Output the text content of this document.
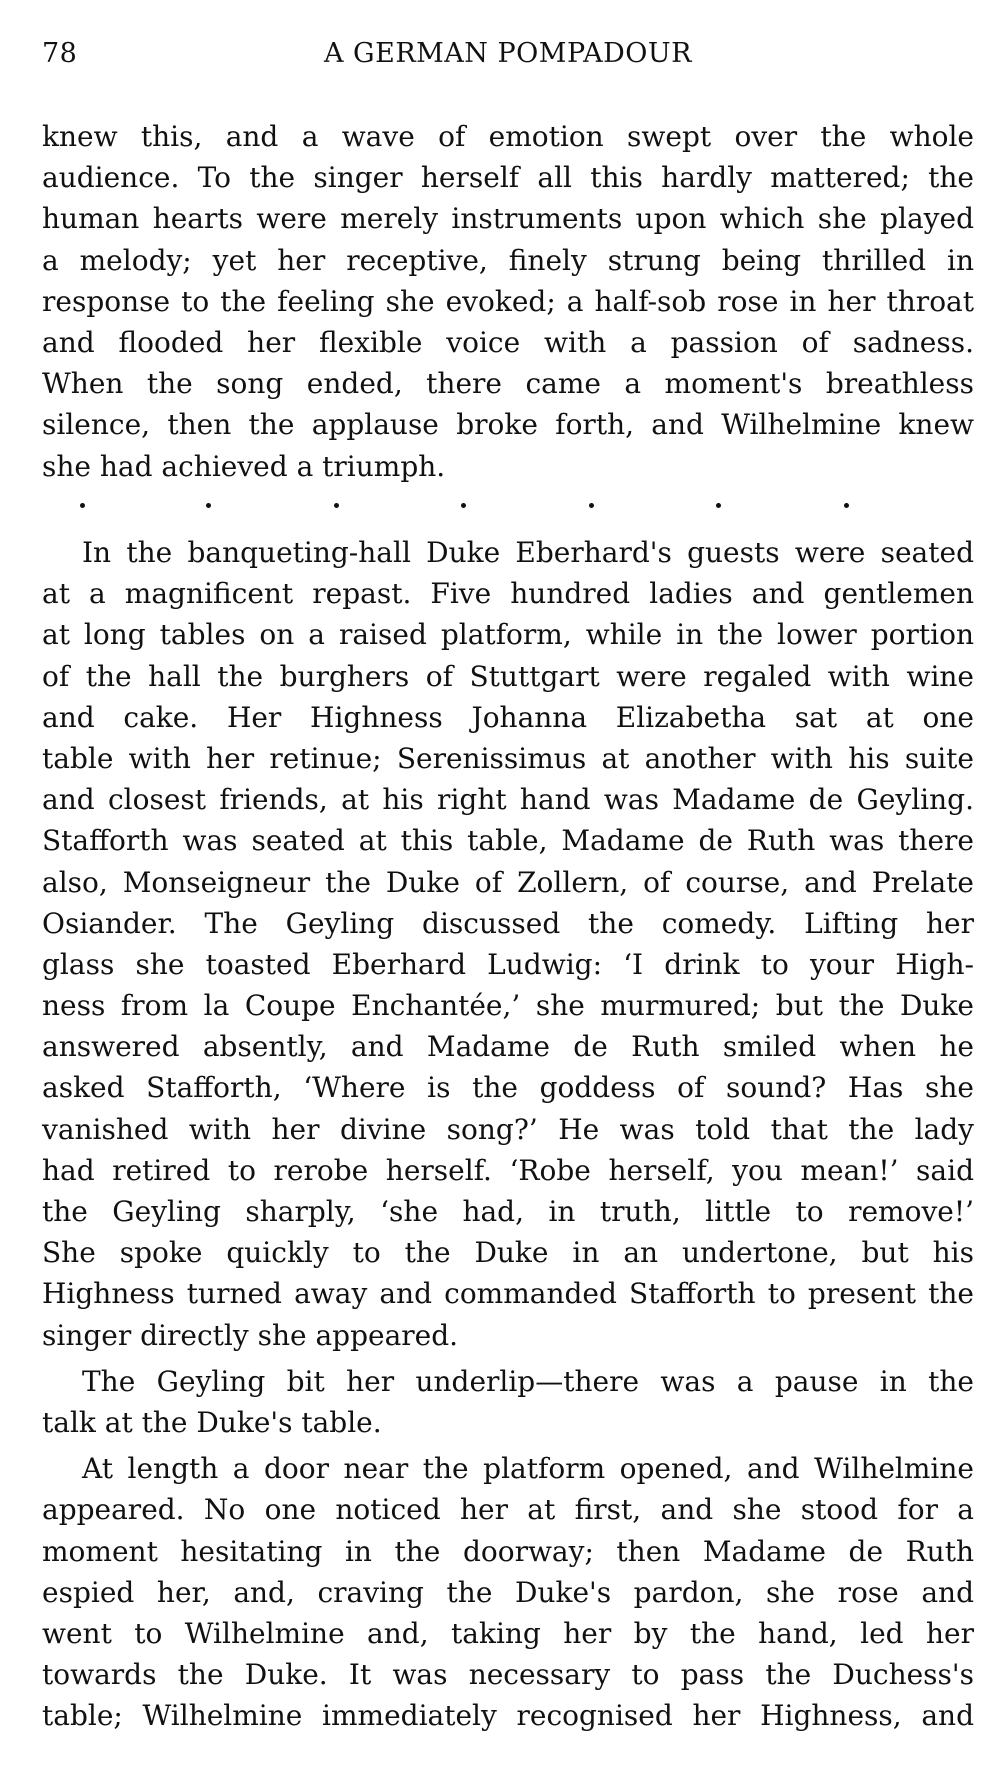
78	A GERMAN POMPADOUR
knew this, and a wave of emotion swept over the whole
audience. To the singer herself all this hardly mattered; the
human hearts were merely instruments upon which she played
a melody; yet her receptive, finely strung being thrilled in
response to the feeling she evoked; a half-sob rose in her throat
and flooded her flexible voice with a passion of sadness.
When the song ended, there came a moment's breathless
silence, then the applause broke forth, and Wilhelmine knew
she had achieved a triumph.
In the banqueting-hall Duke Eberhard's guests were seated
at a magnificent repast. Five hundred ladies and gentlemen
at long tables on a raised platform, while in the lower portion
of the hall the burghers of Stuttgart were regaled with wine
and cake. Her Highness Johanna Elizabetha sat at one
table with her retinue; Serenissimus at another with his suite
and closest friends, at his right hand was Madame de Geyling.
Stafforth was seated at this table, Madame de Ruth was there
also, Monseigneur the Duke of Zollern, of course, and Prelate
Osiander. The Geyling discussed the comedy. Lifting her
glass she toasted Eberhard Ludwig: ‘I drink to your High-
ness from la Coupe Enchantée,’ she murmured; but the Duke
answered absently, and Madame de Ruth smiled when he
asked Stafforth, ‘Where is the goddess of sound? Has she
vanished with her divine song?’ He was told that the lady
had retired to rerobe herself. ‘Robe herself, you mean!’ said
the Geyling sharply, ‘she had, in truth, little to remove!’
She spoke quickly to the Duke in an undertone, but his
Highness turned away and commanded Stafforth to present the
singer directly she appeared.
The Geyling bit her underlip—there was a pause in the
talk at the Duke's table.
At length a door near the platform opened, and Wilhelmine
appeared. No one noticed her at first, and she stood for a
moment hesitating in the doorway; then Madame de Ruth
espied her, and, craving the Duke's pardon, she rose and
went to Wilhelmine and, taking her by the hand, led her
towards the Duke. It was necessary to pass the Duchess's
table; Wilhelmine immediately recognised her Highness, and
